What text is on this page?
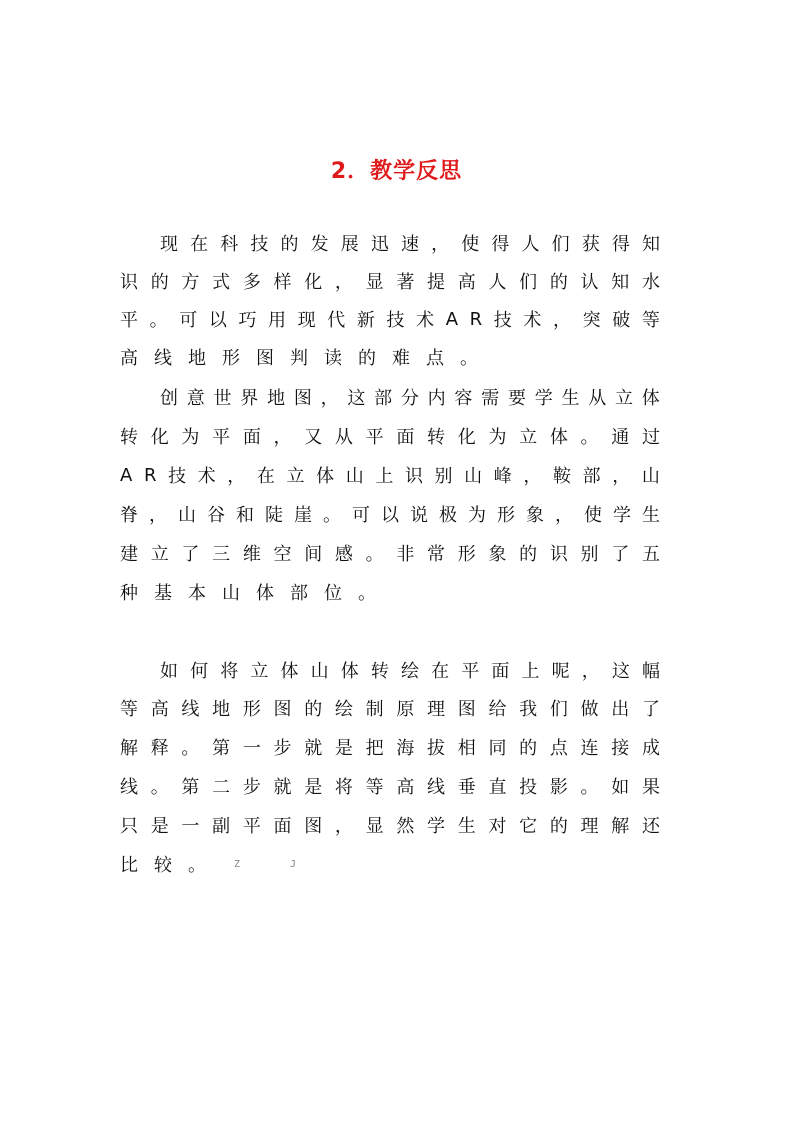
2．教学反思
现 在 科 技 的 发 展 迅 速 ， 使 得 人 们 获 得 知
识 的 方 式 多 样 化 ， 显 著 提 高 人 们 的 认 知 水
平 。 可 以 巧 用 现 代 新 技 术 A R 技 术 ， 突 破 等
高 线 地 形 图 判 读 的 难 点 。
创 意 世 界 地 图 ， 这 部 分 内 容 需 要 学 生 从 立 体
转 化 为 平 面 ， 又 从 平 面 转 化 为 立 体 。 通 过
A R 技 术 ， 在 立 体 山 上 识 别 山 峰 ， 鞍 部 ， 山
脊 ， 山 谷 和 陡 崖 。 可 以 说 极 为 形 象 ， 使 学 生
建 立 了 三 维 空 间 感 。 非 常 形 象 的 识 别 了 五
种 基 本 山 体 部 位 。
如 何 将 立 体 山 体 转 绘 在 平 面 上 呢 ， 这 幅
等 高 线 地 形 图 的 绘 制 原 理 图 给 我 们 做 出 了
解 释 。 第 一 步 就 是 把 海 拔 相 同 的 点 连 接 成
线 。 第 二 步 就 是 将 等 高 线 垂 直 投 影 。 如 果
只 是 一 副 平 面 图 ， 显 然 学 生 对 它 的 理 解 还
比 较 。	Z J
